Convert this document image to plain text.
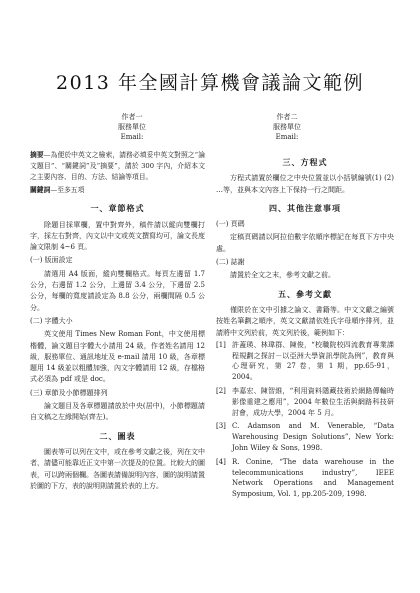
2013 年全國計算機會議論文範例
作者一
服務單位
Email:
作者二
服務單位
Email:
摘要—為便於中英文之檢索，請務必填妥中英文對照之“論文題目”、“關鍵詞”及“摘要”，請於 300 字內，介紹本文之主要內容、目的、方法、結論等項目。
關鍵詞—至多五項
一、章節格式

除題目採單欄，置中對齊外，稿件請以縱向雙欄打字，採左右對齊，內文以中文或英文撰寫均可，論文長度論文限制 4~6 頁。

(一) 版面設定

請選用 A4 版面，縱向雙欄格式。每頁左邊留 1.7 公分，右邊留 1.2 公分，上邊留 3.4 公分，下邊留 2.5 公分，每欄的寬度請設定為 8.8 公分，兩欄間隔 0.5 公分。

(二) 字體大小

英文使用 Times New Roman Font，中文使用標楷體，論文題目字體大小請用 24 級，作者姓名請用 12 級，服務單位、通訊地址及 e-mail 請用 10 級，各章標題用 14 級並以粗體加強，內文字體請用 12 級，存檔格式必須為 pdf 或是 doc。

(三) 章節及小節標題排列

論文題目及各章標題請放於中央(居中)，小節標題請自文稿之左緣開始(齊左)。

二、圖表

圖表等可以列在文中，或在參考文獻之後，列在文中者，請儘可能靠近正文中第一次提及的位置。比較大的圖表，可以跨兩個欄。各圖表請備說明內容，圖的說明請置於圖的下方，表的說明則請置於表的上方。

三、方程式

方程式請置於欄位之中央位置並以小括號編號(1) (2) …等，並與本文內容上下保持一行之間距。

四、其他注意事項
(一) 頁碼

定稿頁碼請以阿拉伯數字依順序標記在每頁下方中央處。

(二) 誌謝

請置於全文之末，參考文獻之前。

五、參考文獻

僅限於在文中引據之論文、書籍等。中文文獻之編號按姓名筆劃之順序，英文文獻請依姓氏字母順序排列，並請將中文列於前，英文列於後，範例如下：

[1] 許蓋瑛、林瑋群、陳俊，“校職院校四流教育專業課程規劃之探討－以亞洲大學資訊學院為例”，教育與心理研究，第 27 卷，第 1 期，pp.65-91，2004。
[2] 李嘉宏、陳智維，“利用資料隱藏技術於網路傳輸時影像重建之應用”，2004 年數位生活與網路科技研討會，成功大學，2004 年 5 月。
[3] C. Adamson and M. Venerable, “Data Warehousing Design Solutions”, New York: John Wiley & Sons, 1998.
[4] R. Conine, “The data warehouse in the telecommunications industry”, IEEE Network Operations and Management Symposium, Vol. 1, pp.205-209, 1998.
